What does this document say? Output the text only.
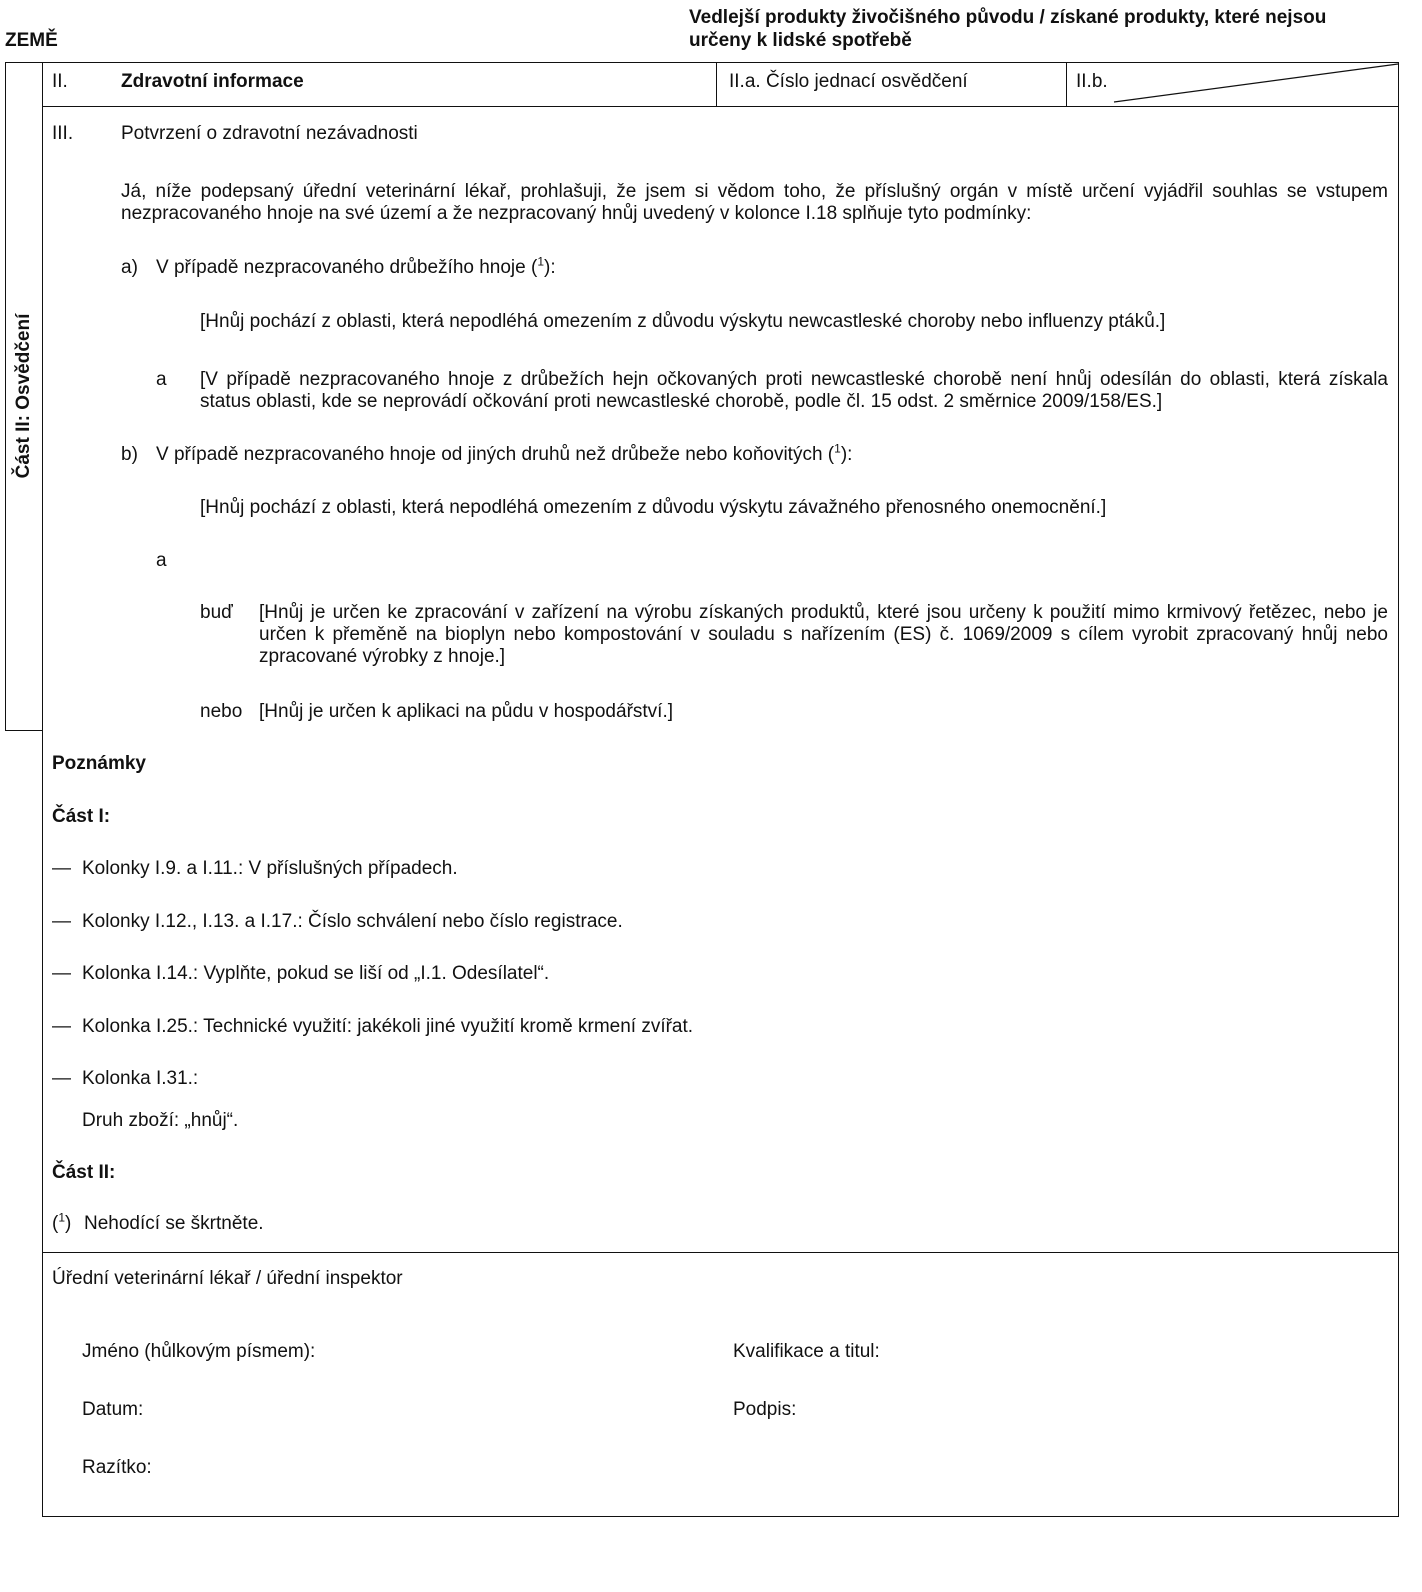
ZEMĚ
Vedlejší produkty živočišného původu / získané produkty, které nejsou
určeny k lidské spotřebě
Část II: Osvědčení
II.	Zdravotní informace	II.a. Číslo jednací osvědčení	II.b.
III.	Potvrzení o zdravotní nezávadnosti
Já, níže podepsaný úřední veterinární lékař, prohlašuji, že jsem si vědom toho, že příslušný orgán v místě určení vyjádřil souhlas se vstupem nezpracovaného hnoje na své území a že nezpracovaný hnůj uvedený v kolonce I.18 splňuje tyto podmínky:
a) V případě nezpracovaného drůbežího hnoje ($^1$):
[Hnůj pochází z oblasti, která nepodléhá omezením z důvodu výskytu newcastleské choroby nebo influenzy ptáků.]
a [V případě nezpracovaného hnoje z drůbežích hejn očkovaných proti newcastleské chorobě není hnůj odesílán do oblasti, která získala status oblasti, kde se neprovádí očkování proti newcastleské chorobě, podle čl. 15 odst. 2 směrnice 2009/158/ES.]
b) V případě nezpracovaného hnoje od jiných druhů než drůbeže nebo koňovitých ($^1$):
[Hnůj pochází z oblasti, která nepodléhá omezením z důvodu výskytu závažného přenosného onemocnění.]
a
buď [Hnůj je určen ke zpracování v zařízení na výrobu získaných produktů, které jsou určeny k použití mimo krmivový řetězec, nebo je určen k přeměně na bioplyn nebo kompostování v souladu s nařízením (ES) č. 1069/2009 s cílem vyrobit zpracovaný hnůj nebo zpracované výrobky z hnoje.]
nebo [Hnůj je určen k aplikaci na půdu v hospodářství.]
Poznámky
Část I:
— Kolonky I.9. a I.11.: V příslušných případech.
— Kolonky I.12., I.13. a I.17.: Číslo schválení nebo číslo registrace.
— Kolonka I.14.: Vyplňte, pokud se liší od „I.1. Odesílatel“.
— Kolonka I.25.: Technické využití: jakékoli jiné využití kromě krmení zvířat.
— Kolonka I.31.:
Druh zboží: „hnůj“.
Část II:
($^1$) Nehodící se škrtněte.
Úřední veterinární lékař / úřední inspektor
Jméno (hůlkovým písmem):	Kvalifikace a titul:
Datum:	Podpis:
Razítko:
